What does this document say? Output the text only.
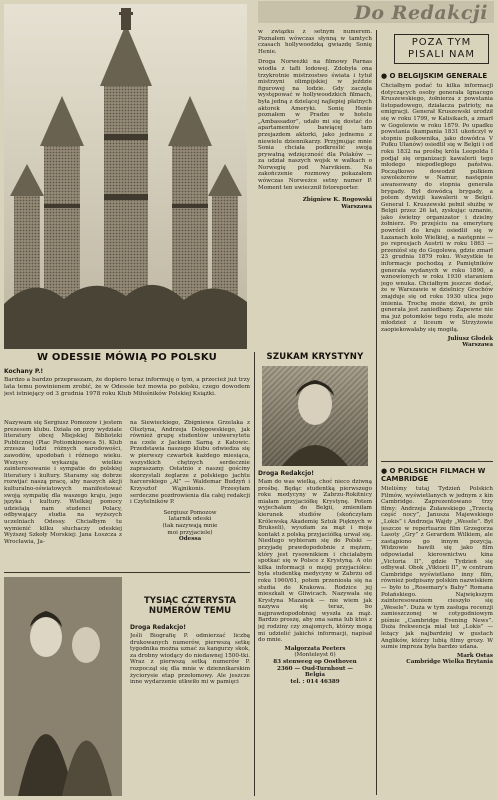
Do Redakcji

w związku z setnym numerem. Poznałem wówczas słynną w tamtych czasach hollywoodzką gwiazdę Sonię Henie.

Droga Norweżki na filmowy Parnas wiodła z taflі lodowej. Zdobyła ona trzykrotnie mistrzostwo świata i tytuł mistrzyni olimpijskiej w jeździe figurowej na lodzie. Gdy zaczęła występować w hollywoodzkich filmach, była jedną z dzielącej najlepiej płatnych aktorek Ameryki. Sonię Henie poznałem w Pradze w hotelu „Ambassador”, udało mi się dostać do apartamentów bawiącej tam przejazdem aktorki, jako jednemu z niewielu dziennikarzy. Przyjmując mnie Sonia chciała podkreślić swoją prywatną wdzięczność dla Polaków — za udział naszych wojsk w walkach o Norwegię pod Narvikiem. Na zakończenie rozmowy pokazałem wówczas Norweżce setny numer P. Moment ten uwiecznił fotoreporter.

Zbigniew K. Rogowski

Warszawa

POZA TYM
PISALI NAM

● O BELGIJSKIM GENERALE

Chciałbym podać tu kilka informacji dotyczących osoby generała Ignacego Kruszewskiego, żołnierza z powstania listopadowego, działacza patrioty, na emigracji. Generał Kruszewski urodził się w roku 1799, w Kalisikach, a zmarł w Gogolewie w roku 1879. Po upadku powstania (kampania 1831 ukończył w stopniu pułkownika, jako dowódca V Pułku Ułanów) osiedlił się w Belgii i od roku 1832 na prośbę króla Leopolda I podjął się organizacji kawalerii tego młodego niepodległego państwa. Początkowo dowodził pułkiem szwoleżerów w Namur, następnie awansowany do stopnia generała brygady. Był dowódcą brygady, a potem dywizji kawalerii w Belgii. Generał I. Kruszewski pełnił służbę w Belgii przez 26 lat, zyskując uznanie, jako świetny organizator i dzielny żołnierz. Po przejściu na emeryturę powrócił do kraju osiedlił się w Łazanach koło Wielkiej, a następnie — po represjach Austrii w roku 1863 — przeniósł się do Gogolewa, gdzie zmarł 23 grudnia 1879 roku. Wszystkie te informacje pochodzą z Pamiętników generała wydanych w roku 1890, a wznowionych w roku 1930 staraniem jego wnuka. Chciałbym jeszcze dodać, że w Warszawie w dzielnicy Grochów znajduje się od roku 1930 ulica jego imienia. Trochę może dziwi, że grób generała jest zaniedbany. Zapewne nie ma już potomków tego rodu, ale może młodzież z liceum w Strzyżowie zaopiekowałaby się mogiłą.

Juliusz Głodek

Warszawa

● O POLSKICH FILMACH W CAMBRIDGE

Mieliśmy tutaj Tydzień Polskich Filmów, wyświetlanych w jednym z kin Cambridge. Zaprezentowano trzy filmy: Andrzeja Żuławskiego „Trzecią część nocy”, Janusza Majewskiego „Lokis” i Andrzeja Wajdy „Wesele”. Był jeszcze w repertuarze film Grzegorza Lasoty „Gry” z Gerardem Wilkiem, ale zastąpiono go innym pozycją. Widzowie bawili się jako film odpowiadał kierownictwu kina „Victoria II”, gdzie Tydzień się odbywał. Obok „Viktorii II”, w centrum Cambridge wyświetlano inny film, również podpisany polskim nazwiskiem — było to „Rosemary's Baby” Romana Polańskiego. Największym zainteresowaniem cieszyło się „Wesele”. Duża w tym zasługa recenzji zamieszczonej w cotygodniowym piśmie „Cambridge Evening News”. Duża frekwencja miał też „Lokis” — leżący jak najbardziej w gustach Anglików, którzy lubią filmy grozy. W sumie impreza była bardzo udana.

Mark Ostas

Cambridge Wielka Brytania

SZUKAM KRYSTYNY

Droga Redakcjo!

Mam do was wielką, choć nieco dziwną prośbę. Będąc studentką pierwszego roku medycyny w Zabrzu-Rokitnicy miałam przyjaciółkę Krystynę. Potem wyjechałam do Belgii, zmieniłam kierunek studiów (skończyłam Królewską Akademię Sztuk Pięknych w Brukseli), wyszłam za mąż i moja kontakt z polską przyjaciółką urwał się. Niedługo wybieram się do Polski — przyjadę prawdopodobnie z mężem, który jest rysownikiem i chciałabym spotkać się w Polsce z Krystyną. A oto kilka informacji o mojej przyjaciółce: była studentką medycyny w Zabrzu od roku 1960/61, potem przeniosła się na studia do Krakowa. Rodzice jej mieszkali w Gliwicach. Nazywała się Krystyna Mazanek — nie wiem jak nazywa się teraz, bo najprawdopodobniej wyszła za mąż. Bardzo proszę, aby ona sama lub ktoś z jej rodziny czy znajomych, którzy mogą mi udzielić jakichś informacji, napisał do mnie.

Małgorzata Peeters

(Monteleyst 6)

83 stenweeg op Oosthoven

2360 — Oud-Turnhout —

Belgia

tel. : 014 46389

W ODESSIE MÓWIĄ PO POLSKU

Kochany P.!

Bardzo a bardzo przepraszam, że dopiero teraz informuję o tym, a przecież już trzy lata temu powinienem zrobić, że w Odessie też mowia po polsku, czego dowodem jest istniejący od 3 grudnia 1978 roku Klub Miłośników Polskiej Książki.

Nazywam się Sergiusz Pomozow i jestem prezesem klubu. Działa on przy wydziale literatury obcej Miejskiej Biblioteki Publicznej (Plac Potiomkinowca 5). Klub zrzesza ludzi różnych narodowości, zawodów, upodobań i różnego wieku. Wszyscy wykazują wielkie zainteresowanie i sympatie do polskiej literatury i kultury. Staramy się dobrze rozwijać naszą pracę, aby naszych akcji kulturalno-oświatowych manifestować swoją sympatię dla waszego kraju, jego języka i kultury. Wielkiej pomocy udzielają nam studenci Polacy, odbywający studia na wyższych uczelniach Odessy. Chciałbym tu wymienić kilku słuchaczy odeskiej Wyższej Szkoły Morskiej: Jana Łoszcza z Wrocławia, Ja-

na Siewieckiego, Zbigniewa Grzelaka z Olsztyna, Andrzeja Dołęgowskiego, jak również grupę studentów uniwersytetu na czele z Jackiem Sarną z Katowic. Przedstawia naszego klubu odwiedza się w pierwszy czwartek każdego miesiąca, wszystkich chętnych serdecznie zapraszamy. Ostatnio z naszej gościny skorzystali żeglarze z polskiego jachtu harcerskiego „Al” — Waldemar Budzyń i Krzysztof Wąjnikonis. Przesyłam serdeczne pozdrowienia dla całej redakcji i Czytelników P.

Sergiusz Pomozow

latarnik odeski

(tak nazywają mnie

moi przyjaciele)

Odessa

TYSIĄC CZTERYSTA
NUMERÓW TEMU

Droga Redakcjo!

Jeśli Biografię P. odmierzać liczbą drukowanych numerów, pierwszą setkę tygodnika można uznać za kangurzy skok, za drobny wiodący do niedawnej 1500-tki. Wraz z pierwszą setką numerów P. rozpoczął się dla mnie w dziennikarskim życiorysie etap przełomowy. Ale jeszcze inne wydarzenie utkwiło mi w pamięci
